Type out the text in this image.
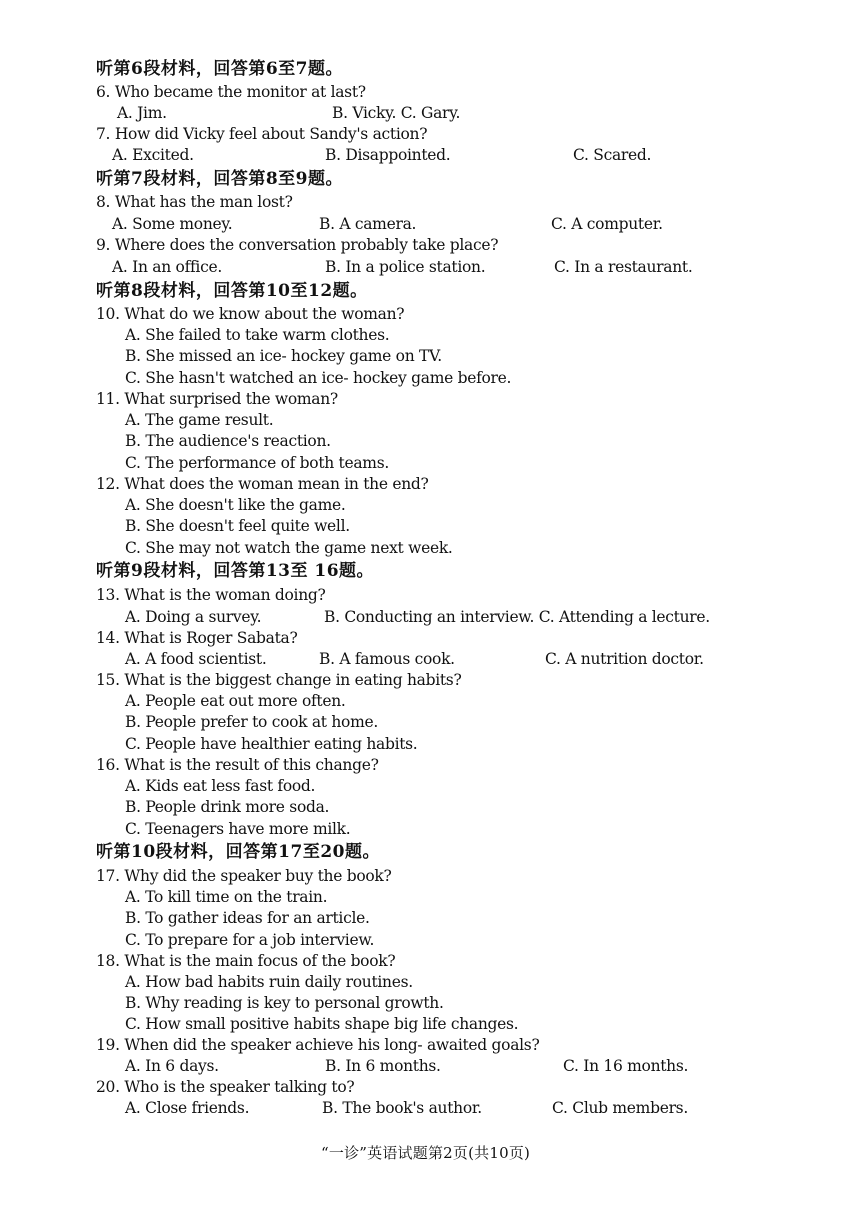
听第6段材料，回答第6至7题。
6. Who became the monitor at last?
A. Jim.	B. Vicky. C. Gary.
7. How did Vicky feel about Sandy's action?
A. Excited.	B. Disappointed.	C. Scared.
听第7段材料，回答第8至9题。
8. What has the man lost?
A. Some money.	B. A camera.	C. A computer.
9. Where does the conversation probably take place?
A. In an office.	B. In a police station.	C. In a restaurant.
听第8段材料，回答第10至12题。
10. What do we know about the woman?
A. She failed to take warm clothes.
B. She missed an ice- hockey game on TV.
C. She hasn't watched an ice- hockey game before.
11. What surprised the woman?
A. The game result.
B. The audience's reaction.
C. The performance of both teams.
12. What does the woman mean in the end?
A. She doesn't like the game.
B. She doesn't feel quite well.
C. She may not watch the game next week.
听第9段材料，回答第13至 16题。
13. What is the woman doing?
A. Doing a survey.	B. Conducting an interview. C. Attending a lecture.
14. What is Roger Sabata?
A. A food scientist.	B. A famous cook.	C. A nutrition doctor.
15. What is the biggest change in eating habits?
A. People eat out more often.
B. People prefer to cook at home.
C. People have healthier eating habits.
16. What is the result of this change?
A. Kids eat less fast food.
B. People drink more soda.
C. Teenagers have more milk.
听第10段材料，回答第17至20题。
17. Why did the speaker buy the book?
A. To kill time on the train.
B. To gather ideas for an article.
C. To prepare for a job interview.
18. What is the main focus of the book?
A. How bad habits ruin daily routines.
B. Why reading is key to personal growth.
C. How small positive habits shape big life changes.
19. When did the speaker achieve his long- awaited goals?
A. In 6 days.	B. In 6 months.	C. In 16 months.
20. Who is the speaker talking to?
A. Close friends.	B. The book's author.	C. Club members.
“一诊”英语试题第2页(共10页)
